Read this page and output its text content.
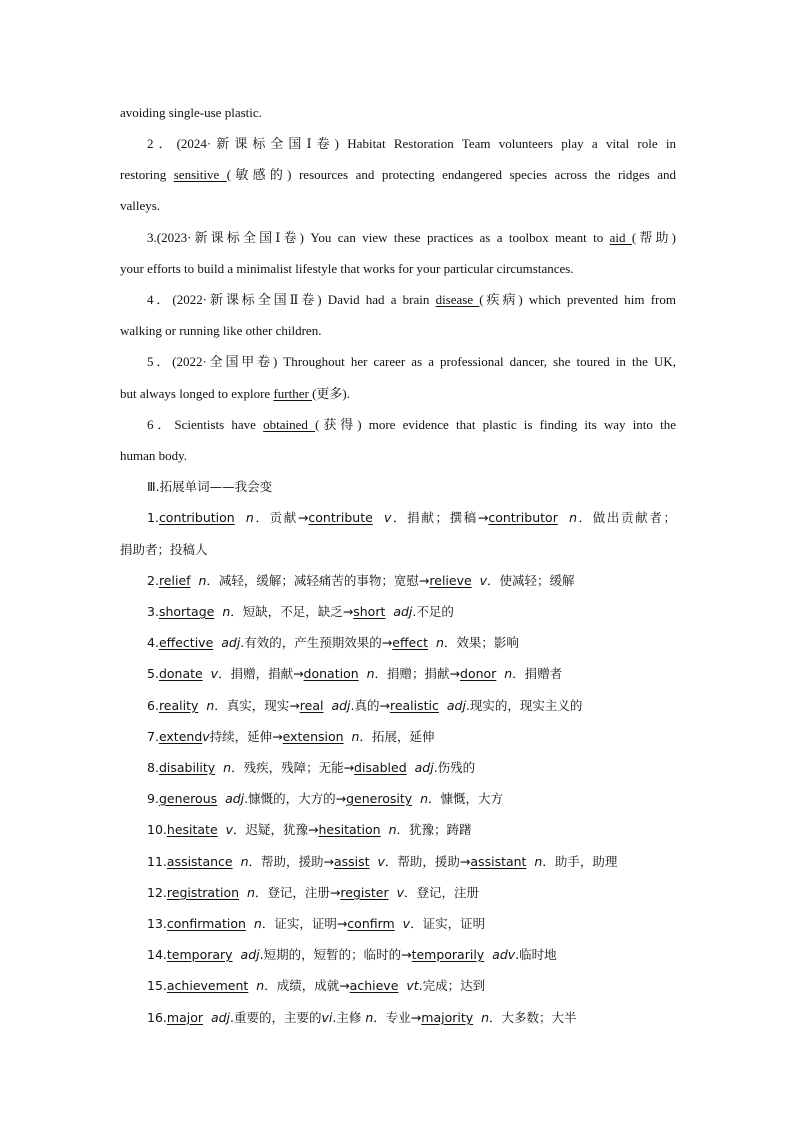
avoiding single-use plastic.
2．(2024·新课标全国Ⅰ卷) Habitat Restoration Team volunteers play a vital role in
restoring sensitive (敏感的) resources and protecting endangered species across the ridges and
valleys.
3.(2023·新课标全国Ⅰ卷) You can view these practices as a toolbox meant to aid (帮助)
your efforts to build a minimalist lifestyle that works for your particular circumstances.
4．(2022·新课标全国Ⅱ卷) David had a brain disease (疾病) which prevented him from
walking or running like other children.
5．(2022·全国甲卷) Throughout her career as a professional dancer, she toured in the UK,
but always longed to explore further (更多).
6．Scientists have obtained (获得) more evidence that plastic is finding its way into the
human body.
Ⅲ.拓展单词——我会变
1.contribution n．贡献→contribute v．捐献；撰稿→contributor n．做出贡献者；
捐助者；投稿人
2.relief n．减轻，缓解；减轻痛苦的事物；宽慰→relieve v．使减轻；缓解
3.shortage n．短缺，不足，缺乏→short adj.不足的
4.effective adj.有效的，产生预期效果的→effect n．效果；影响
5.donate v．捐赠，捐献→donation n．捐赠；捐献→donor n．捐赠者
6.reality n．真实，现实→real adj.真的→realistic adj.现实的，现实主义的
7.extendv持续，延伸→extension n．拓展，延伸
8.disability n．残疾，残障；无能→disabled adj.伤残的
9.generous adj.慷慨的，大方的→generosity n．慷慨，大方
10.hesitate v．迟疑，犹豫→hesitation n．犹豫；踌躇
11.assistance n．帮助，援助→assist v．帮助，援助→assistant n．助手，助理
12.registration n．登记，注册→register v．登记，注册
13.confirmation n．证实，证明→confirm v．证实，证明
14.temporary adj.短期的，短暂的；临时的→temporarily adv.临时地
15.achievement n．成绩，成就→achieve vt.完成；达到
16.major adj.重要的，主要的vi.主修 n．专业→majority n．大多数；大半
